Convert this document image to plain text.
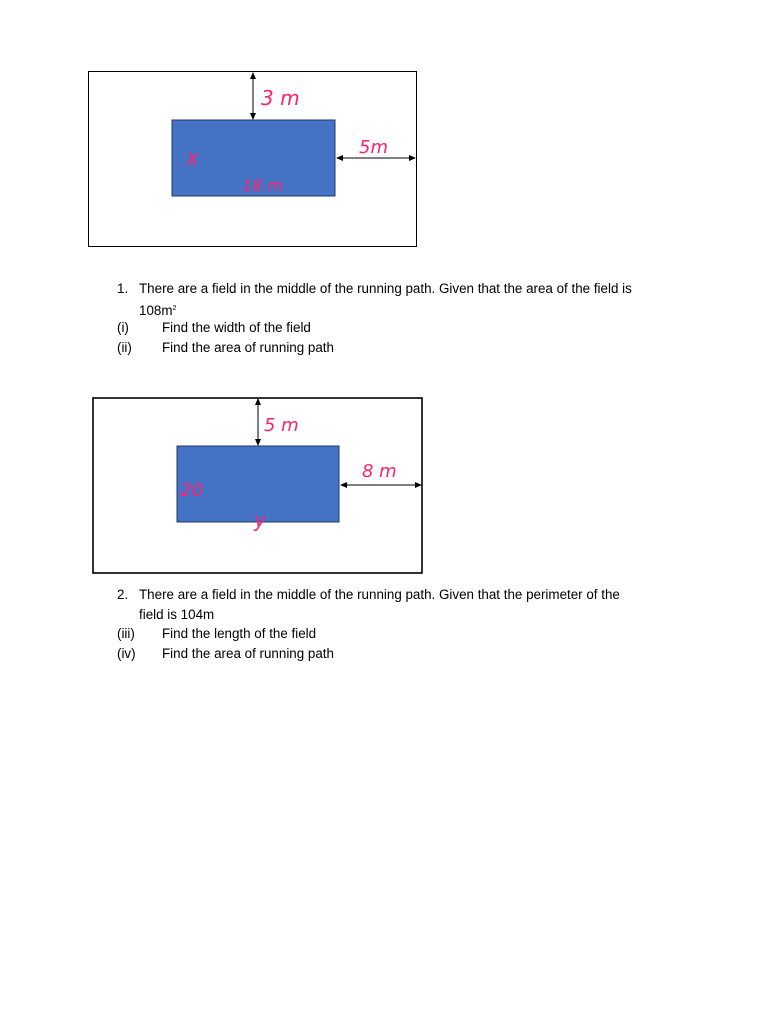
3 m
5m
x
18 m
1. There are a field in the middle of the running path. Given that the area of the field is
$108m^2$
(i) Find the width of the field
(ii) Find the area of running path
5 m
8 m
20
y
2. There are a field in the middle of the running path. Given that the perimeter of the
field is 104m
(iii) Find the length of the field
(iv) Find the area of running path
